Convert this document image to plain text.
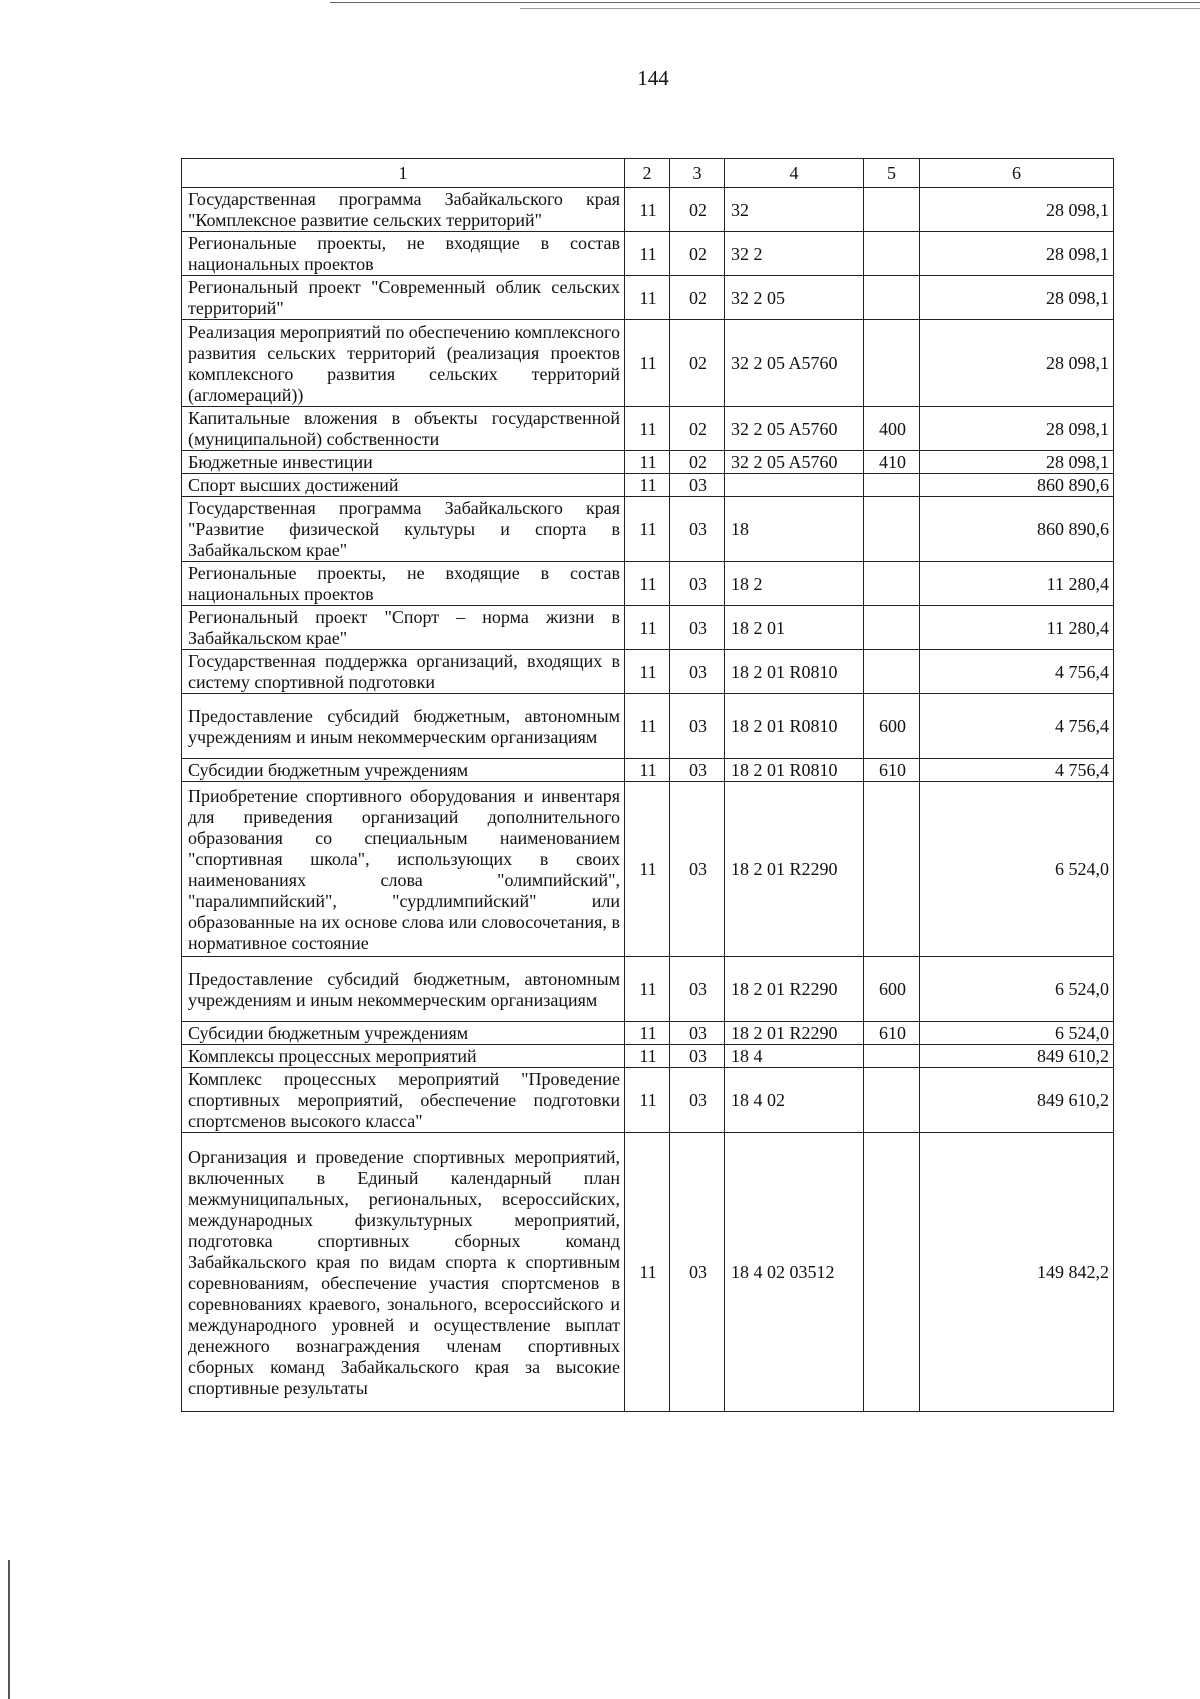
144
1	2	3	4	5	6
Государственная программа Забайкальского края "Комплексное развитие сельских территорий"	11	02	32		28 098,1
Региональные проекты, не входящие в состав национальных проектов	11	02	32 2		28 098,1
Региональный проект "Современный облик сельских территорий"	11	02	32 2 05		28 098,1
Реализация мероприятий по обеспечению комплексного развития сельских территорий (реализация проектов комплексного развития сельских территорий (агломераций))	11	02	32 2 05 A5760		28 098,1
Капитальные вложения в объекты государственной (муниципальной) собственности	11	02	32 2 05 A5760	400	28 098,1
Бюджетные инвестиции	11	02	32 2 05 A5760	410	28 098,1
Спорт высших достижений	11	03			860 890,6
Государственная программа Забайкальского края "Развитие физической культуры и спорта в Забайкальском крае"	11	03	18		860 890,6
Региональные проекты, не входящие в состав национальных проектов	11	03	18 2		11 280,4
Региональный проект "Спорт – норма жизни в Забайкальском крае"	11	03	18 2 01		11 280,4
Государственная поддержка организаций, входящих в систему спортивной подготовки	11	03	18 2 01 R0810		4 756,4
Предоставление субсидий бюджетным, автономным учреждениям и иным некоммерческим организациям	11	03	18 2 01 R0810	600	4 756,4
Субсидии бюджетным учреждениям	11	03	18 2 01 R0810	610	4 756,4
Приобретение спортивного оборудования и инвентаря для приведения организаций дополнительного образования со специальным наименованием "спортивная школа", использующих в своих наименованиях слова "олимпийский", "паралимпийский", "сурдлимпийский" или образованные на их основе слова или словосочетания, в нормативное состояние	11	03	18 2 01 R2290		6 524,0
Предоставление субсидий бюджетным, автономным учреждениям и иным некоммерческим организациям	11	03	18 2 01 R2290	600	6 524,0
Субсидии бюджетным учреждениям	11	03	18 2 01 R2290	610	6 524,0
Комплексы процессных мероприятий	11	03	18 4		849 610,2
Комплекс процессных мероприятий "Проведение спортивных мероприятий, обеспечение подготовки спортсменов высокого класса"	11	03	18 4 02		849 610,2
Организация и проведение спортивных мероприятий, включенных в Единый календарный план межмуниципальных, региональных, всероссийских, международных физкультурных мероприятий, подготовка спортивных сборных команд Забайкальского края по видам спорта к спортивным соревнованиям, обеспечение участия спортсменов в соревнованиях краевого, зонального, всероссийского и международного уровней и осуществление выплат денежного вознаграждения членам спортивных сборных команд Забайкальского края за высокие спортивные результаты	11	03	18 4 02 03512		149 842,2
